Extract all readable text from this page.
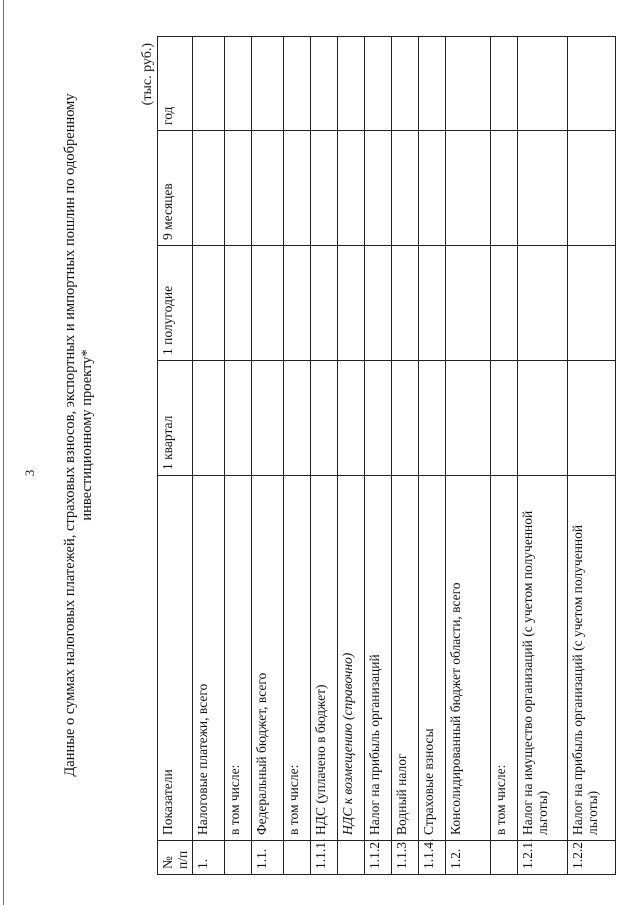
3 Данные о суммах налоговых платежей, страховых взносов, экспортных и импортных пошлин по одобренному инвестиционному проекту*
(тыс. руб.)
№ п/п	Показатели	1 квартал	1 полугодие	9 месяцев	год
1.	Налоговые платежи, всего				
	в том числе:				
1.1.	Федеральный бюджет, всего				
	в том числе:				
1.1.1.	НДС (уплачено в бюджет)				
	НДС к возмещению (справочно)				
1.1.2.	Налог на прибыль организаций				
1.1.3	Водный налог				
1.1.4.	Страховые взносы				
1.2.	Консолидированный бюджет области, всего				
	в том числе:				
1.2.1.	Налог на имущество организаций (с учетом полученной льготы)				
1.2.2	Налог на прибыль организаций (с учетом полученной льготы)				
